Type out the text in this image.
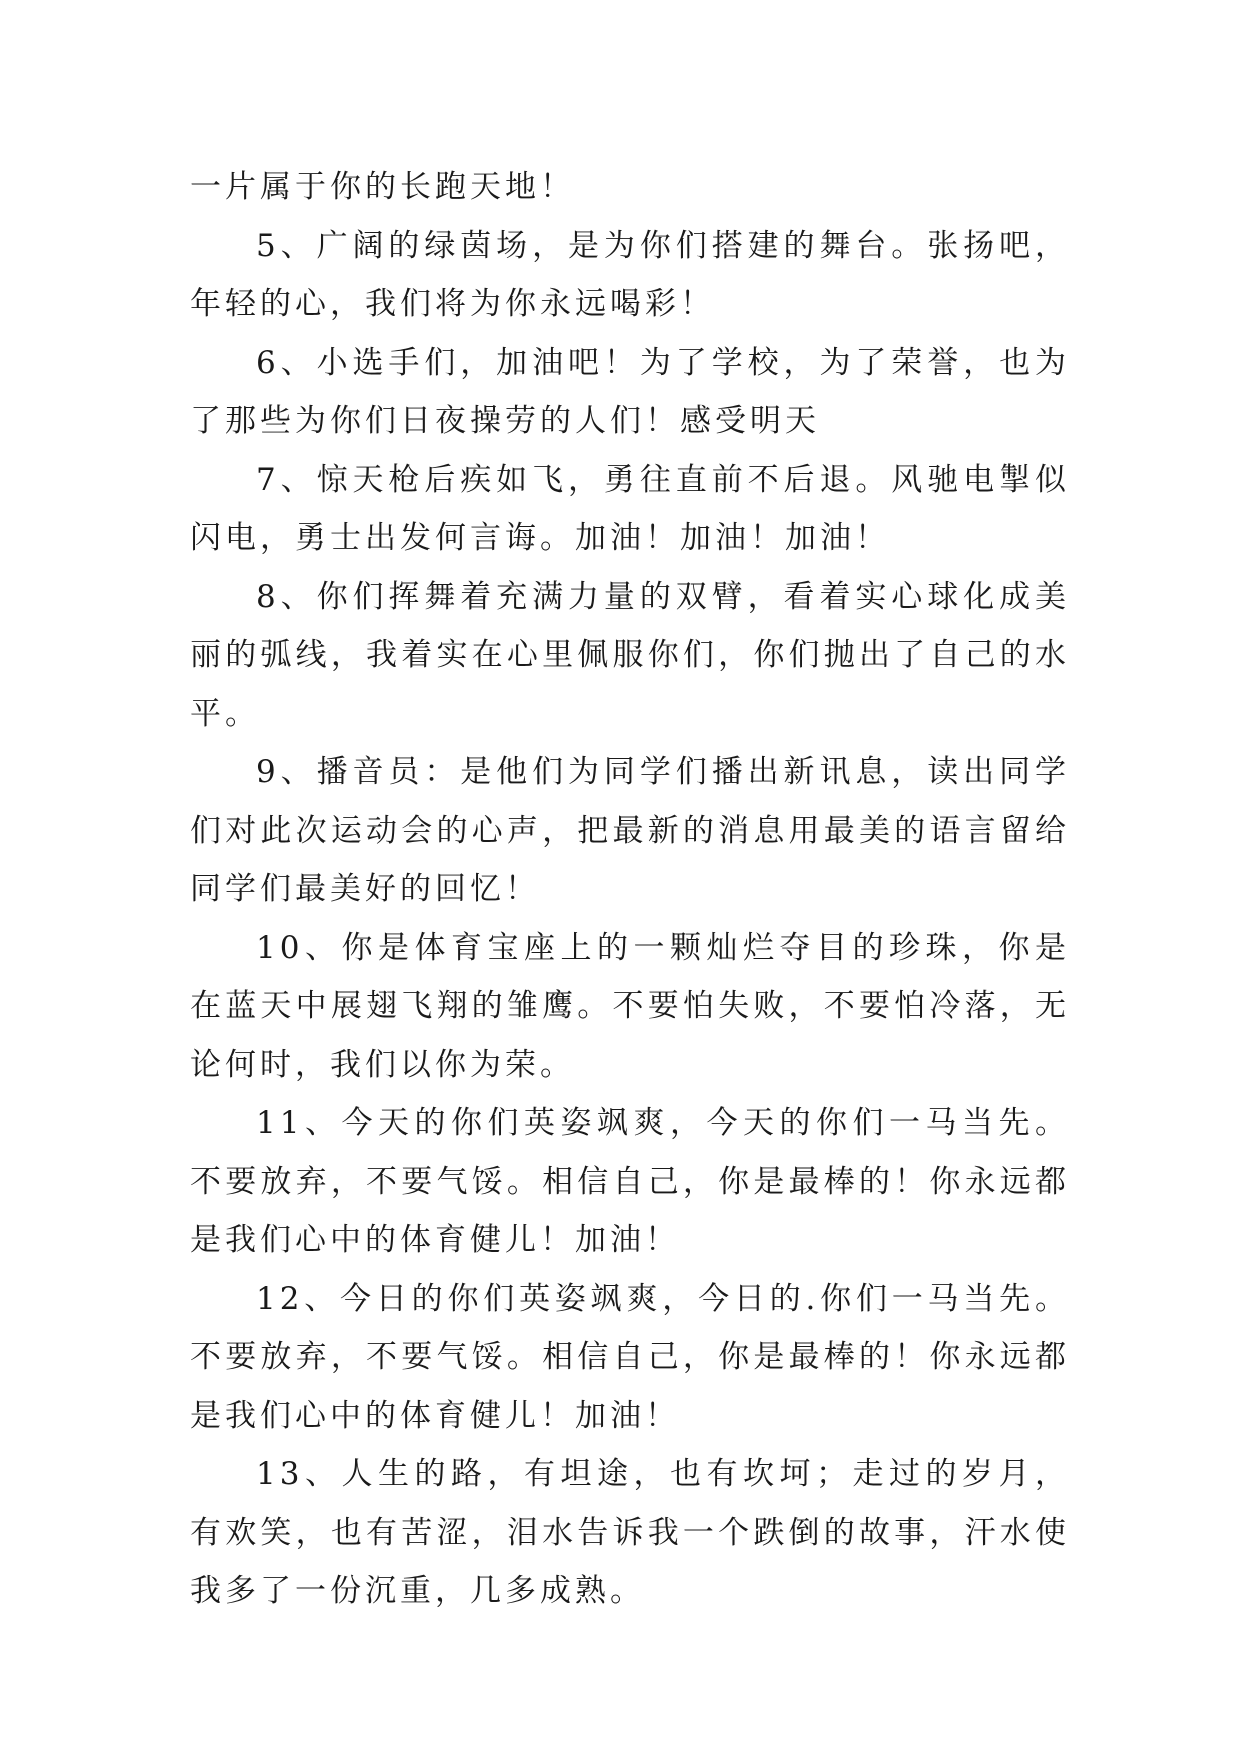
一片属于你的长跑天地！

5、广阔的绿茵场，是为你们搭建的舞台。张扬吧，年轻的心，我们将为你永远喝彩！

6、小选手们，加油吧！为了学校，为了荣誉，也为了那些为你们日夜操劳的人们！感受明天

7、惊天枪后疾如飞，勇往直前不后退。风驰电掣似闪电，勇士出发何言诲。加油！加油！加油！

8、你们挥舞着充满力量的双臂，看着实心球化成美丽的弧线，我着实在心里佩服你们，你们抛出了自己的水平。

9、播音员：是他们为同学们播出新讯息，读出同学们对此次运动会的心声，把最新的消息用最美的语言留给同学们最美好的回忆！

10、你是体育宝座上的一颗灿烂夺目的珍珠，你是在蓝天中展翅飞翔的雏鹰。不要怕失败，不要怕冷落，无论何时，我们以你为荣。

11、今天的你们英姿飒爽，今天的你们一马当先。不要放弃，不要气馁。相信自己，你是最棒的！你永远都是我们心中的体育健儿！加油！

12、今日的你们英姿飒爽，今日的.你们一马当先。不要放弃，不要气馁。相信自己，你是最棒的！你永远都是我们心中的体育健儿！加油！

13、人生的路，有坦途，也有坎坷；走过的岁月，有欢笑，也有苦涩，泪水告诉我一个跌倒的故事，汗水使我多了一份沉重，几多成熟。
